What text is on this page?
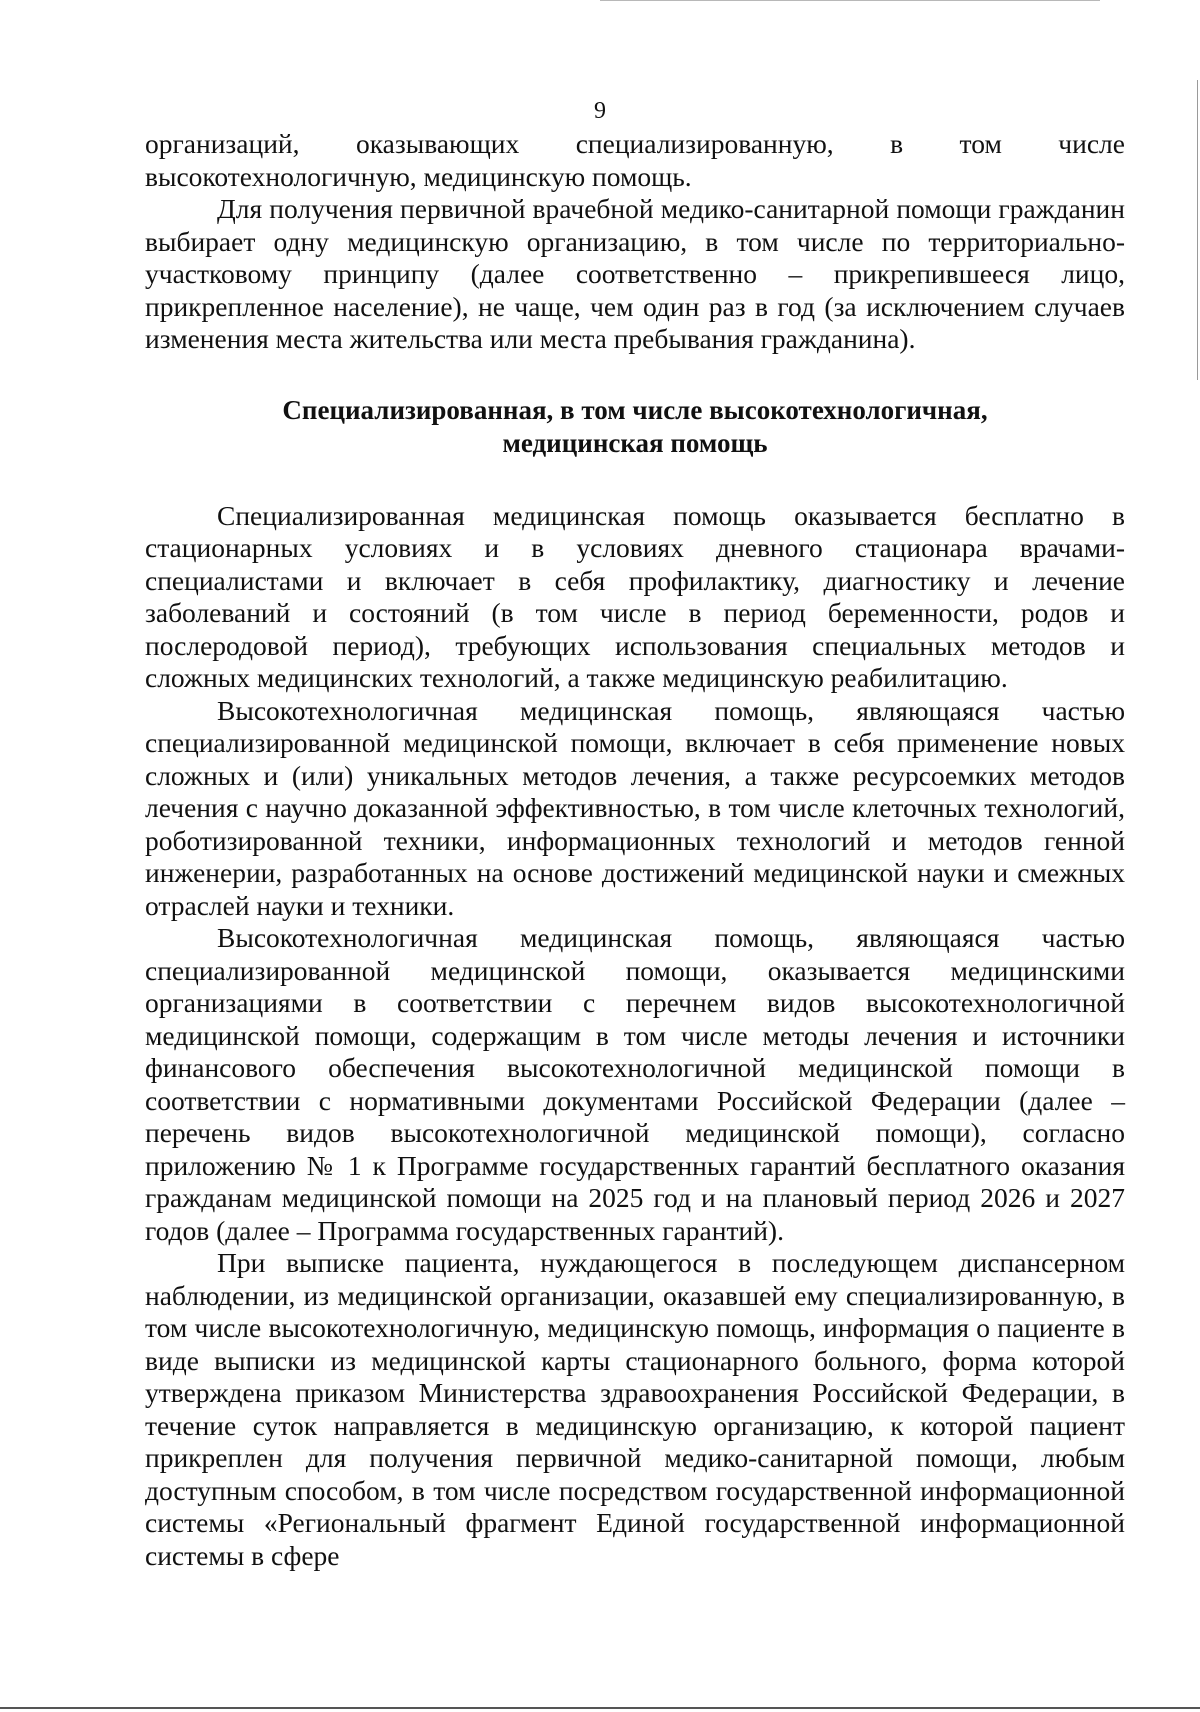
9

организаций, оказывающих специализированную, в том числе высокотехнологичную, медицинскую помощь.

Для получения первичной врачебной медико-санитарной помощи гражданин выбирает одну медицинскую организацию, в том числе по территориально-участковому принципу (далее соответственно – прикрепившееся лицо, прикрепленное население), не чаще, чем один раз в год (за исключением случаев изменения места жительства или места пребывания гражданина).

Специализированная, в том числе высокотехнологичная,
медицинская помощь

Специализированная медицинская помощь оказывается бесплатно в стационарных условиях и в условиях дневного стационара врачами-специалистами и включает в себя профилактику, диагностику и лечение заболеваний и состояний (в том числе в период беременности, родов и послеродовой период), требующих использования специальных методов и сложных медицинских технологий, а также медицинскую реабилитацию.

Высокотехнологичная медицинская помощь, являющаяся частью специализированной медицинской помощи, включает в себя применение новых сложных и (или) уникальных методов лечения, а также ресурсоемких методов лечения с научно доказанной эффективностью, в том числе клеточных технологий, роботизированной техники, информационных технологий и методов генной инженерии, разработанных на основе достижений медицинской науки и смежных отраслей науки и техники.

Высокотехнологичная медицинская помощь, являющаяся частью специализированной медицинской помощи, оказывается медицинскими организациями в соответствии с перечнем видов высокотехнологичной медицинской помощи, содержащим в том числе методы лечения и источники финансового обеспечения высокотехнологичной медицинской помощи в соответствии с нормативными документами Российской Федерации (далее – перечень видов высокотехнологичной медицинской помощи), согласно приложению № 1 к Программе государственных гарантий бесплатного оказания гражданам медицинской помощи на 2025 год и на плановый период 2026 и 2027 годов (далее – Программа государственных гарантий).

При выписке пациента, нуждающегося в последующем диспансерном наблюдении, из медицинской организации, оказавшей ему специализированную, в том числе высокотехнологичную, медицинскую помощь, информация о пациенте в виде выписки из медицинской карты стационарного больного, форма которой утверждена приказом Министерства здравоохранения Российской Федерации, в течение суток направляется в медицинскую организацию, к которой пациент прикреплен для получения первичной медико-санитарной помощи, любым доступным способом, в том числе посредством государственной информационной системы «Региональный фрагмент Единой государственной информационной системы в сфере
